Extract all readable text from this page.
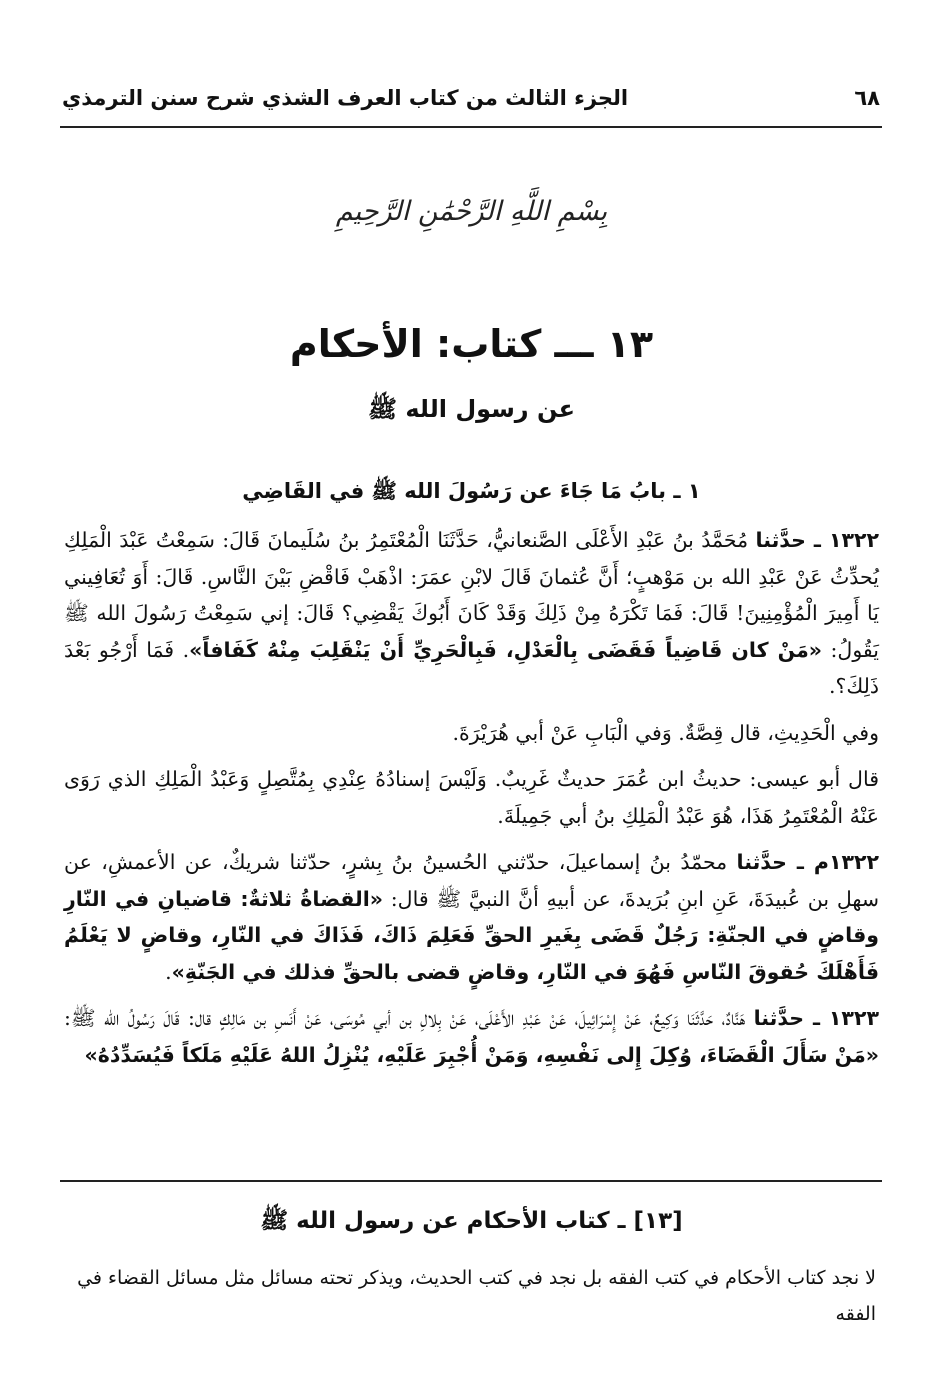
٦٨
الجزء الثالث من كتاب العرف الشذي شرح سنن الترمذي
بِسْمِ اللَّهِ الرَّحْمَٰنِ الرَّحِيمِ
١٣ ـــ كتاب: الأحكام
عن رسول الله ﷺ
١ ـ بابُ مَا جَاءَ عن رَسُولَ الله ﷺ في القَاضِي

١٣٢٢ ـ حدَّثنا مُحَمَّدُ بنُ عَبْدِ الأَعْلَى الصَّنعانيُّ، حَدَّثَنَا الْمُعْتَمِرُ بنُ سُلَيمانَ قَالَ: سَمِعْتُ عَبْدَ الْمَلِكِ يُحدِّثُ عَنْ عَبْدِ الله بن مَوْهبٍ؛ أَنَّ عُثمانَ قَالَ لابْنِ عمَرَ: اذْهَبْ فَاقْضِ بَيْنَ النَّاسِ. قَالَ: أَوَ تُعَافِيني يَا أَمِيرَ الْمُؤْمِنِينَ! قَالَ: فَمَا تَكْرَهُ مِنْ ذَلِكَ وَقَدْ كَانَ أَبُوكَ يَقْضِي؟ قَالَ: إني سَمِعْتُ رَسُولَ الله ﷺ يَقُولُ: «مَنْ كان قَاضِياً فَقَضَى بِالْعَدْلِ، فَبِالْحَرِيِّ أَنْ يَنْقَلِبَ مِنْهُ كَفَافاً». فَمَا أَرْجُو بَعْدَ ذَلِكَ؟.

وفي الْحَدِيثِ، قال قِصَّةٌ. وَفي الْبَابِ عَنْ أبي هُرَيْرَةَ.

قال أبو عيسى: حديثُ ابن عُمَرَ حديثٌ غَرِيبٌ. وَلَيْسَ إسنادُهُ عِنْدِي بِمُتَّصِلٍ وَعَبْدُ الْمَلِكِ الذي رَوَى عَنْهُ الْمُعْتَمِرُ هَذَا، هُوَ عَبْدُ الْمَلِكِ بنُ أبي جَمِيلَةَ.

١٣٢٢م ـ حدَّثنا محمّدُ بنُ إسماعيلَ، حدّثني الحُسينُ بنُ بِشرٍ، حدّثنا شريكٌ، عن الأعمشِ، عن سهلِ بن عُبيدَةَ، عَنِ ابنِ بُرَيدةَ، عن أبيهِ أنَّ النبيَّ ﷺ قال: «القضاةُ ثلاثةٌ: قاضيانِ في النّارِ وقاضٍ في الجنّةِ: رَجُلٌ قَضَى بِغَيرِ الحقِّ فَعَلِمَ ذَاكَ، فَذَاكَ في النّارِ، وقاضٍ لا يَعْلَمُ فَأَهْلَكَ حُقوقَ النّاسِ فَهُوَ في النّارِ، وقاضٍ قضى بالحقِّ فذلك في الجَنّةِ».

١٣٢٣ ـ حدَّثنا هَنَّادٌ، حَدَّثَنَا وَكِيعٌ، عَنْ إِسْرَائِيلَ، عَنْ عَبْدِ الأَعْلَى، عَنْ بِلالِ بن أبي مُوسَى، عَنْ أَنَسِ بن مَالِكٍ قال: قَالَ رَسُولُ الله ﷺ: «مَنْ سَأَلَ الْقَضَاءَ، وُكِلَ إِلى نَفْسِهِ، وَمَنْ أُجْبِرَ عَلَيْهِ، يُنْزِلُ اللهُ عَلَيْهِ مَلَكاً فَيُسَدِّدُهُ»

[١٣] ـ كتاب الأحكام عن رسول الله ﷺ
لا نجد كتاب الأحكام في كتب الفقه بل نجد في كتب الحديث، ويذكر تحته مسائل مثل مسائل القضاء في الفقه
